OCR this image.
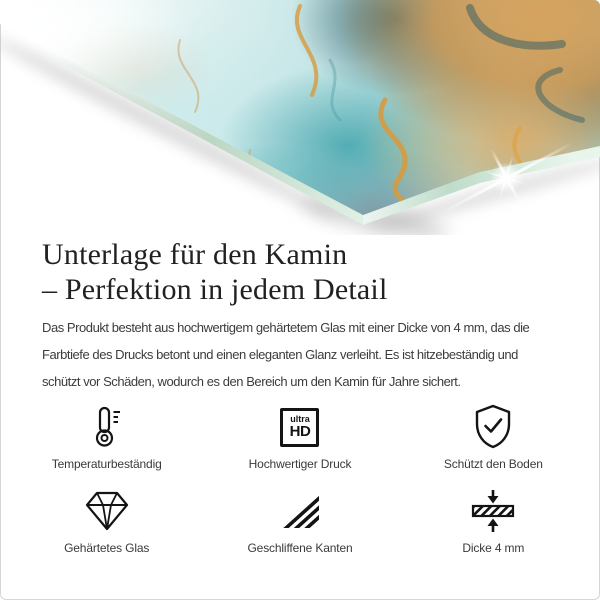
Unterlage für den Kamin
– Perfektion in jedem Detail
Das Produkt besteht aus hochwertigem gehärtetem Glas mit einer Dicke von 4 mm, das die
Farbtiefe des Drucks betont und einen eleganten Glanz verleiht. Es ist hitzebeständig und
schützt vor Schäden, wodurch es den Bereich um den Kamin für Jahre sichert.
Temperaturbeständig
ultra
HD
Hochwertiger Druck	Schützt den Boden
Gehärtetes Glas	Geschliffene Kanten	Dicke 4 mm
